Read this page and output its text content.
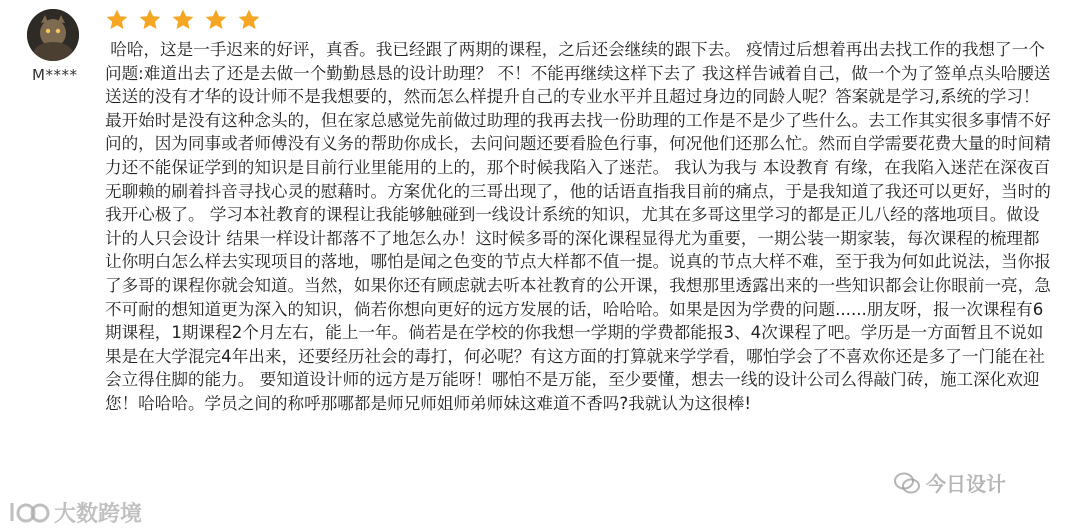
M****

哈哈，这是一手迟来的好评，真香。我已经跟了两期的课程，之后还会继续的跟下去。 疫情过后想着再出去找工作的我想了一个问题:难道出去了还是去做一个勤勤恳恳的设计助理？ 不！不能再继续这样下去了 我这样告诫着自己，做一个为了签单点头哈腰送送送的没有才华的设计师不是我想要的，然而怎么样提升自己的专业水平并且超过身边的同龄人呢？答案就是学习,系统的学习！ 最开始时是没有这种念头的，但在家总感觉先前做过助理的我再去找一份助理的工作是不是少了些什么。去工作其实很多事情不好问的，因为同事或者师傅没有义务的帮助你成长，去问问题还要看脸色行事，何况他们还那么忙。然而自学需要花费大量的时间精力还不能保证学到的知识是目前行业里能用的上的，那个时候我陷入了迷茫。 我认为我与 本设教育 有缘，在我陷入迷茫在深夜百无聊赖的刷着抖音寻找心灵的慰藉时。方案优化的三哥出现了，他的话语直指我目前的痛点，于是我知道了我还可以更好，当时的我开心极了。 学习本社教育的课程让我能够触碰到一线设计系统的知识，尤其在多哥这里学习的都是正儿八经的落地项目。做设计的人只会设计 结果一样设计都落不了地怎么办！这时候多哥的深化课程显得尤为重要，一期公装一期家装，每次课程的梳理都让你明白怎么样去实现项目的落地，哪怕是闻之色变的节点大样都不值一提。说真的节点大样不难，至于我为何如此说法，当你报了多哥的课程你就会知道。当然，如果你还有顾虑就去听本社教育的公开课，我想那里透露出来的一些知识都会让你眼前一亮，急不可耐的想知道更为深入的知识，倘若你想向更好的远方发展的话，哈哈哈。如果是因为学费的问题......朋友呀，报一次课程有6期课程，1期课程2个月左右，能上一年。倘若是在学校的你我想一学期的学费都能报3、4次课程了吧。学历是一方面暂且不说如果是在大学混完4年出来，还要经历社会的毒打，何必呢？有这方面的打算就来学学看，哪怕学会了不喜欢你还是多了一门能在社会立得住脚的能力。 要知道设计师的远方是万能呀！哪怕不是万能，至少要懂，想去一线的设计公司么得敲门砖，施工深化欢迎您！哈哈哈。学员之间的称呼那哪都是师兄师姐师弟师妹这难道不香吗?我就认为这很棒!

大数跨境
今日设计
